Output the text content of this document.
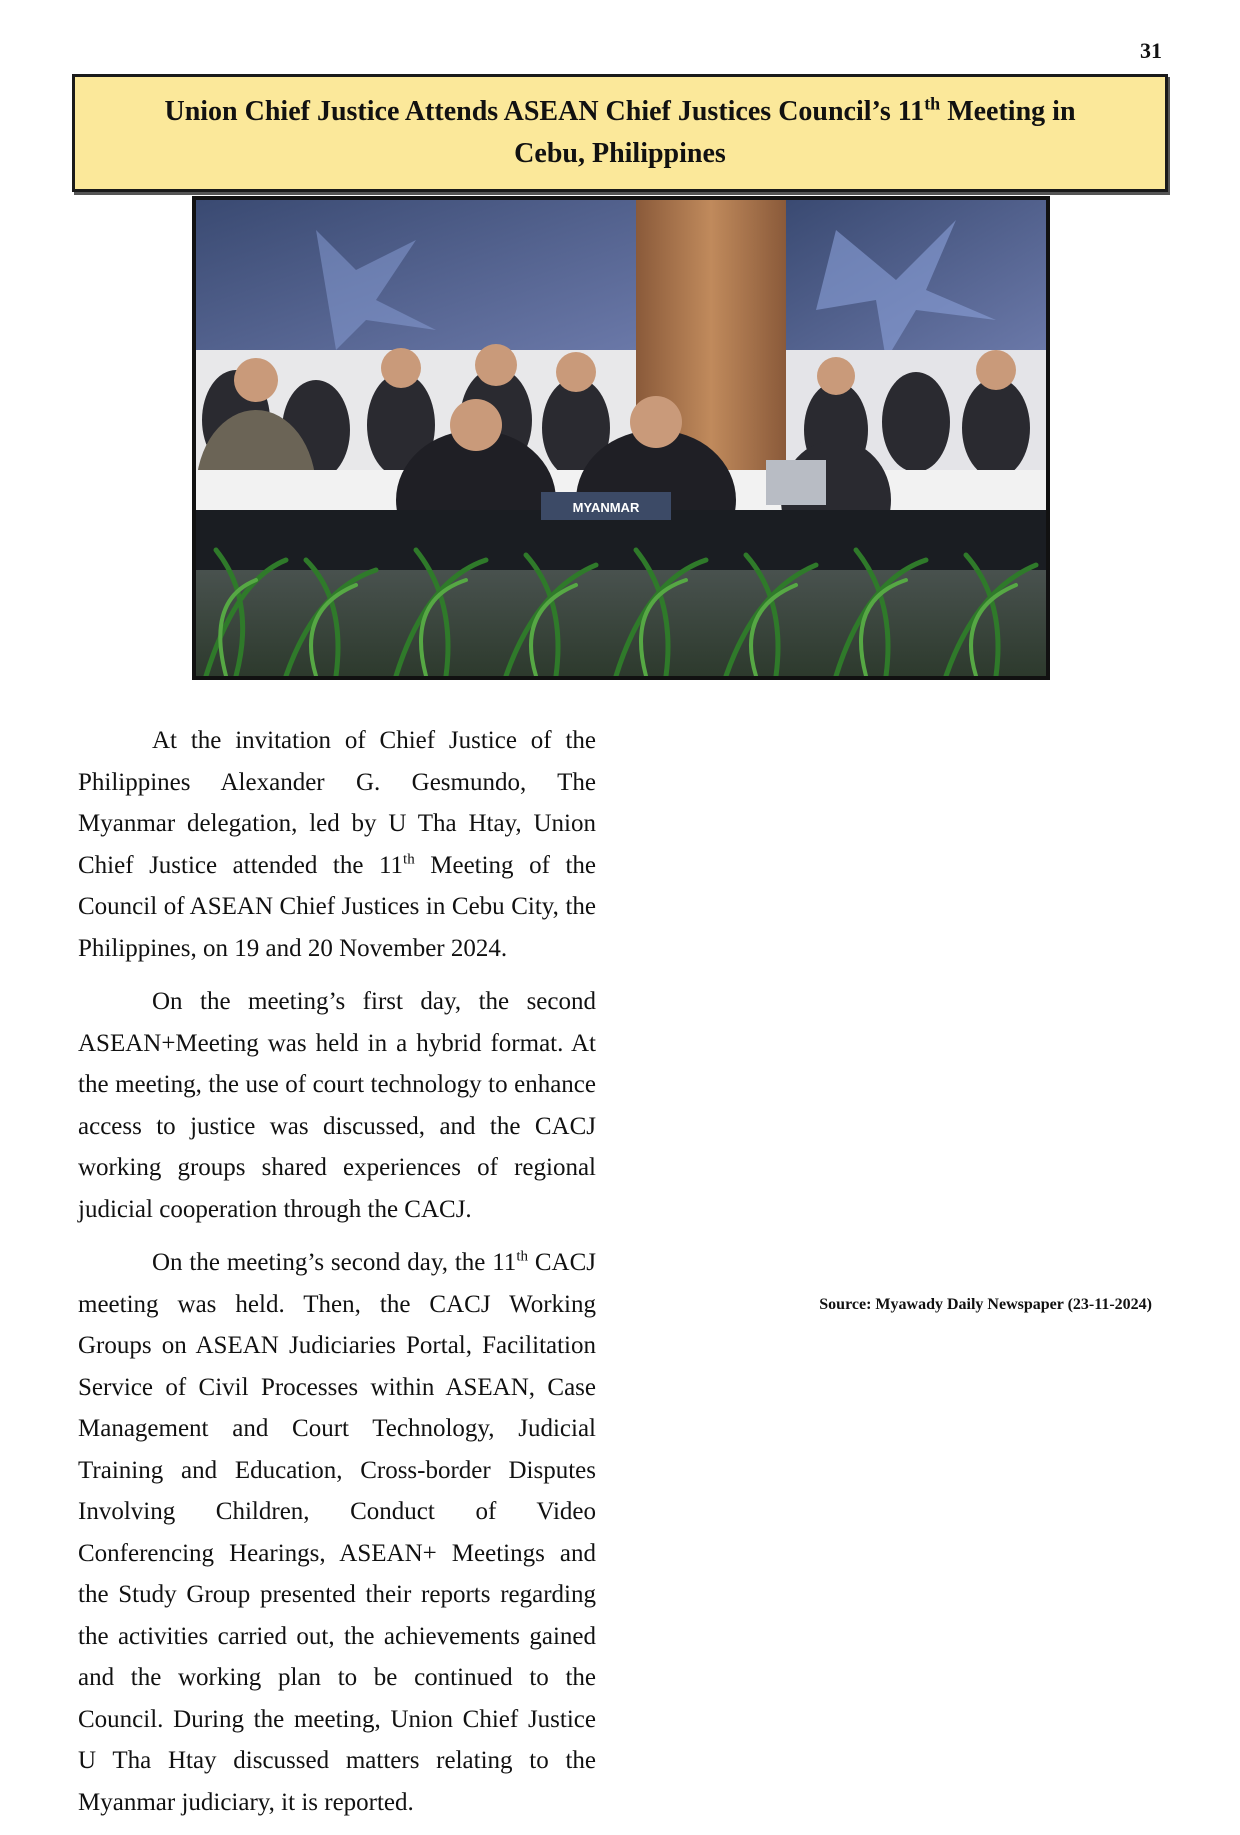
31
Union Chief Justice Attends ASEAN Chief Justices Council’s 11th Meeting in
Cebu, Philippines
MYANMAR

At the invitation of Chief Justice of the Philippines Alexander G. Gesmundo, The Myanmar delegation, led by U Tha Htay, Union Chief Justice attended the 11th Meeting of the Council of ASEAN Chief Justices in Cebu City, the Philippines, on 19 and 20 November 2024.

On the meeting’s first day, the second ASEAN+Meeting was held in a hybrid format. At the meeting, the use of court technology to enhance access to justice was discussed, and the CACJ working groups shared experiences of regional judicial cooperation through the CACJ.

On the meeting’s second day, the 11th CACJ meeting was held. Then, the CACJ Working Groups on ASEAN Judiciaries Portal, Facilitation Service of Civil Processes within ASEAN, Case Management and Court Technology, Judicial Training and Education, Cross-border Disputes Involving Children, Conduct of Video Conferencing Hearings, ASEAN+ Meetings and the Study Group presented their reports regarding the activities carried out, the achievements gained and the working plan to be continued to the Council. During the meeting, Union Chief Justice U Tha Htay discussed matters relating to the Myanmar judiciary, it is reported.

Source: Myawady Daily Newspaper (23-11-2024)
